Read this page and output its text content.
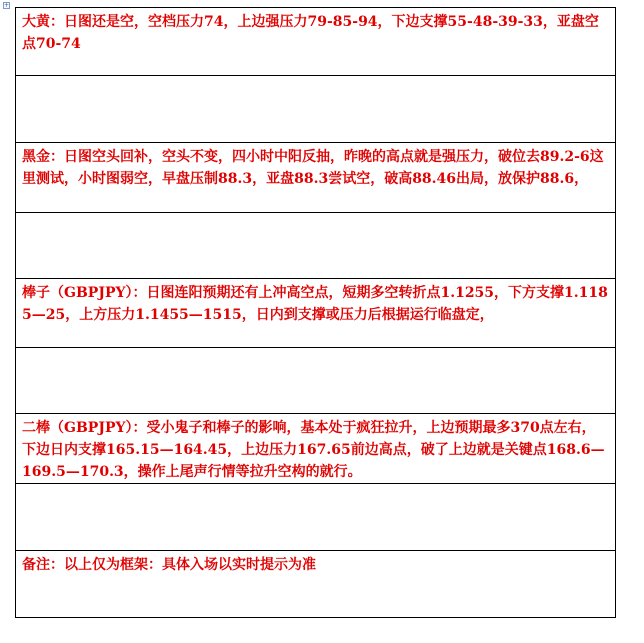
+

大黄：日图还是空，空档压力74，上边强压力79-85-94，下边支撑55-48-39-33，亚盘空点70-74

黑金：日图空头回补，空头不变，四小时中阳反抽，昨晚的高点就是强压力，破位去89.2-6这里测试，小时图弱空，早盘压制88.3，亚盘88.3尝试空，破高88.46出局，放保护88.6，

棒子（GBPJPY）：日图连阳预期还有上冲高空点，短期多空转折点1.1255，下方支撑1.1185—25，上方压力1.1455—1515，日内到支撑或压力后根据运行临盘定，

二棒（GBPJPY）：受小鬼子和棒子的影响，基本处于疯狂拉升，上边预期最多370点左右，下边日内支撑165.15—164.45，上边压力167.65前边高点，破了上边就是关键点168.6—169.5—170.3，操作上尾声行情等拉升空构的就行。

备注：以上仅为框架：具体入场以实时提示为准
